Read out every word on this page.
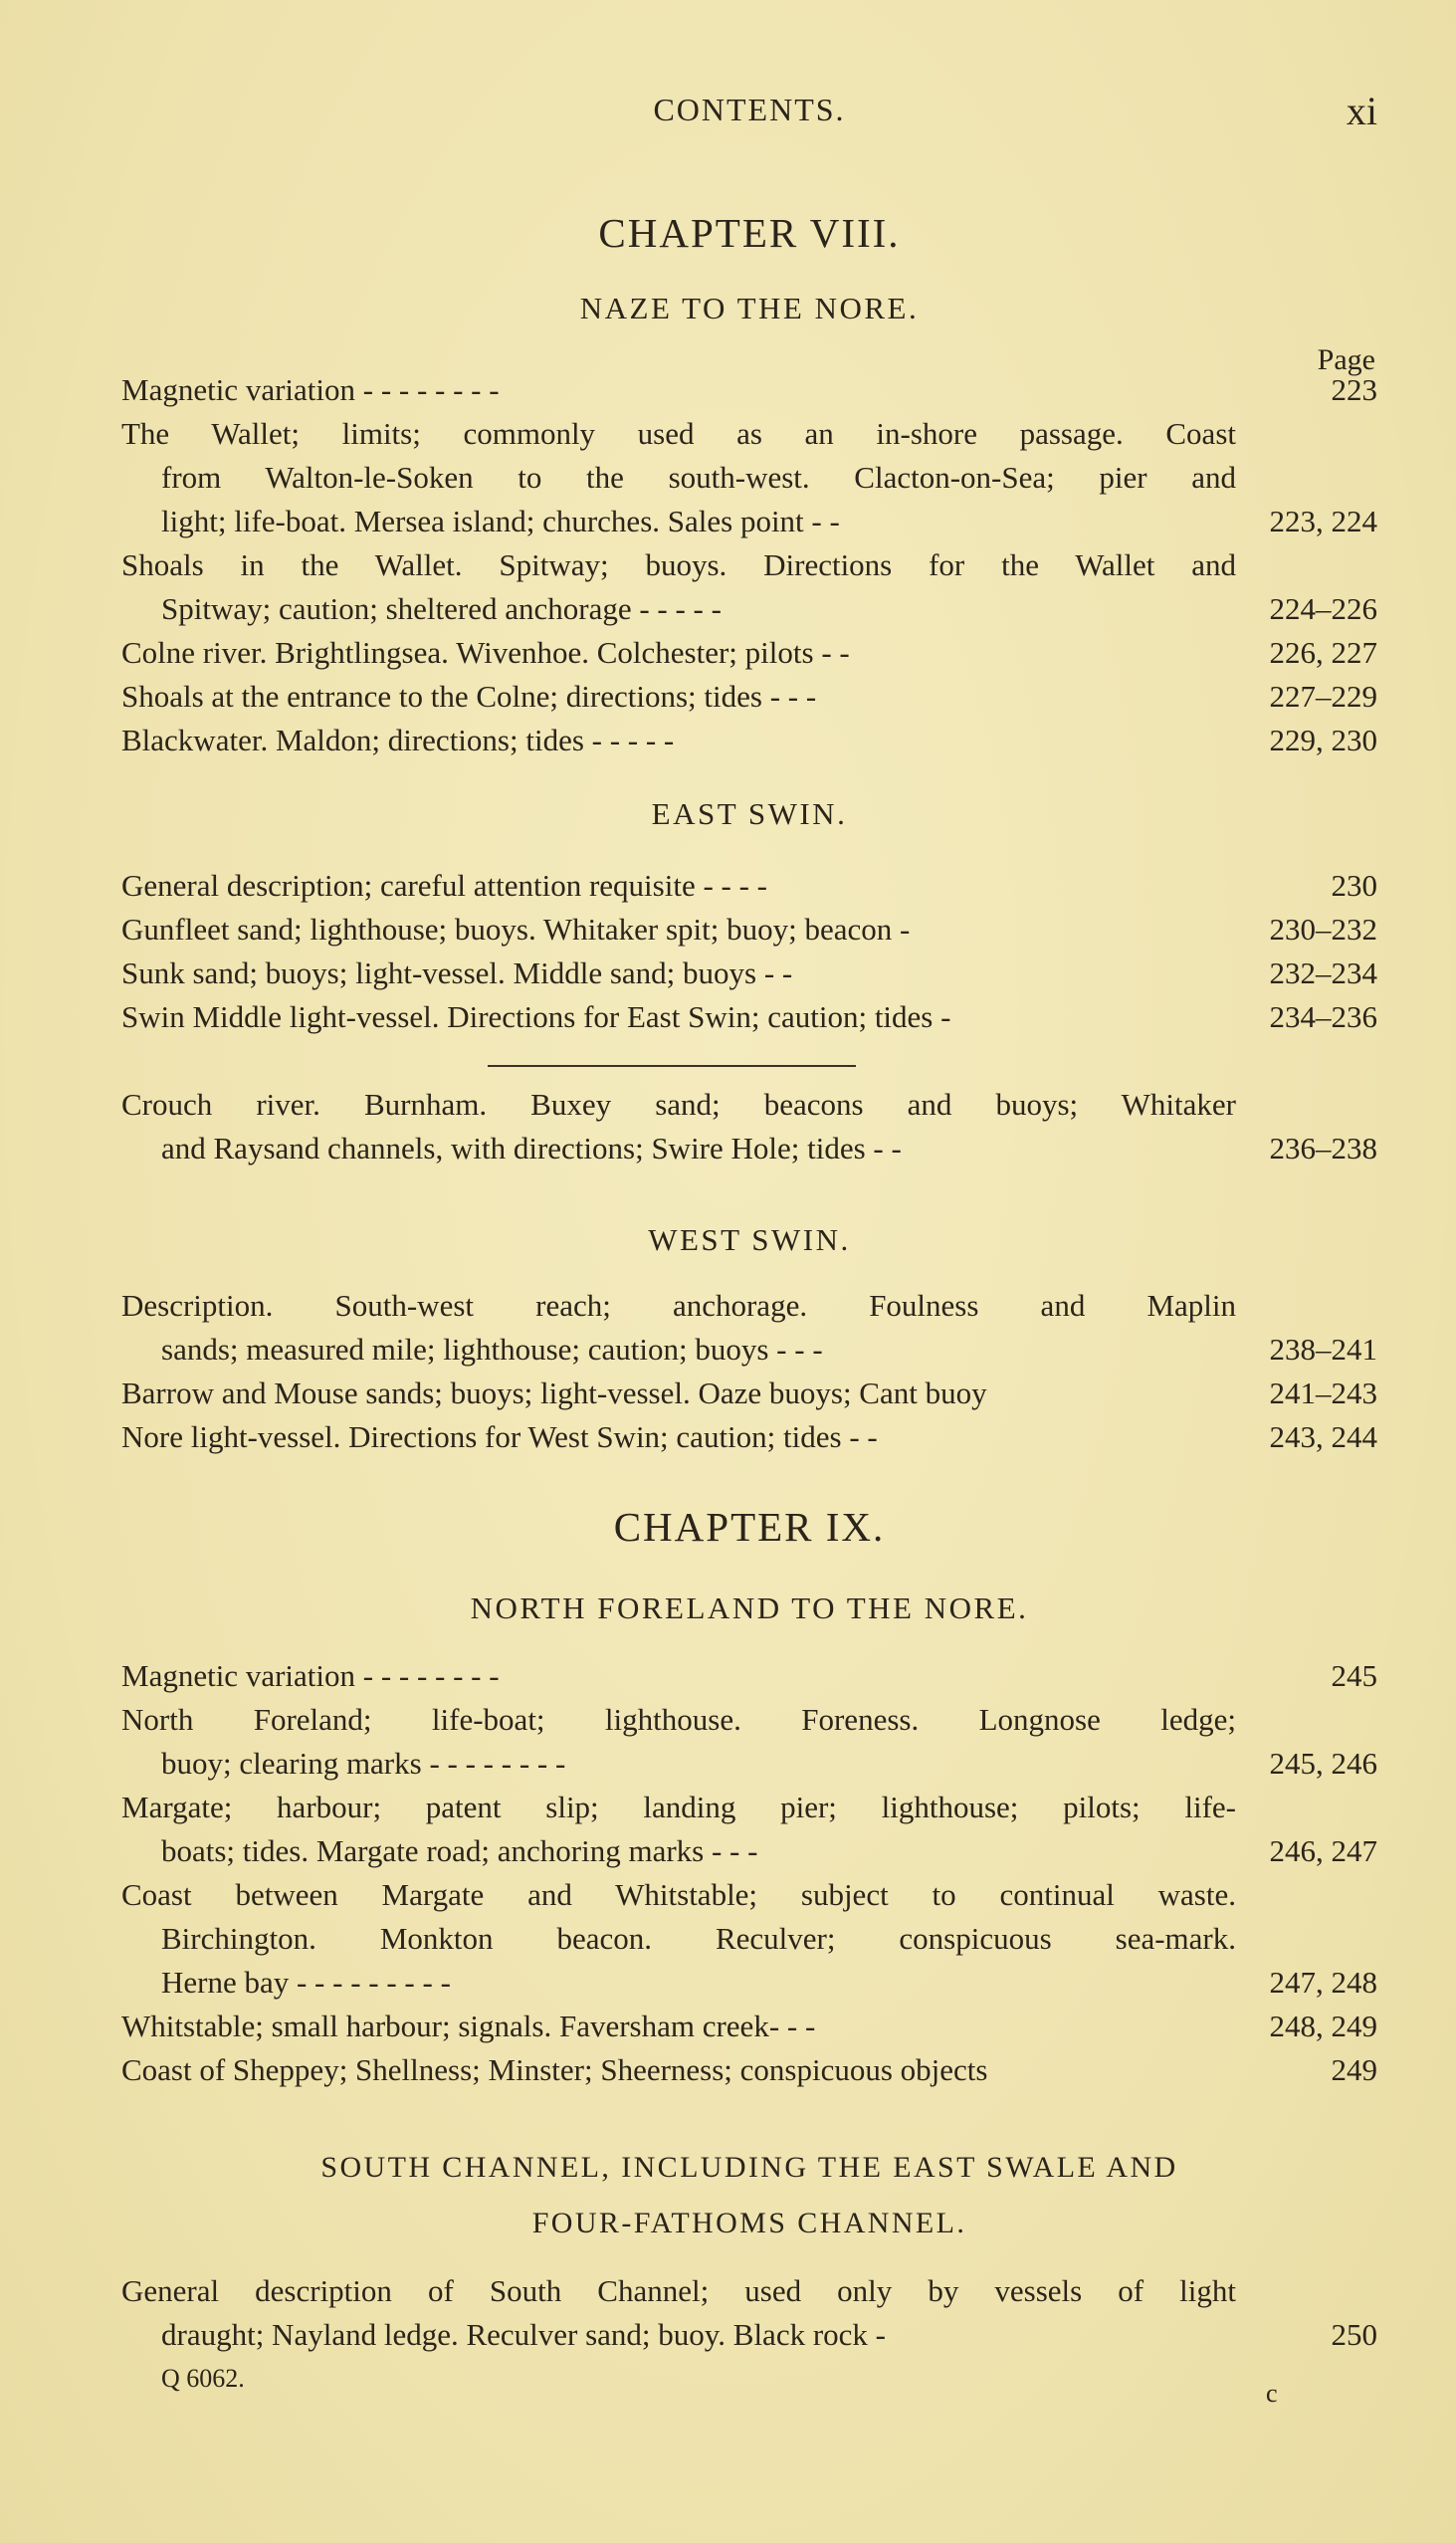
CONTENTS.	xi
CHAPTER VIII.
NAZE TO THE NORE.
Page
Magnetic variation - - - - - - - -	223
The Wallet; limits; commonly used as an in-shore passage. Coast
from Walton-le-Soken to the south-west. Clacton-on-Sea; pier and
light; life-boat. Mersea island; churches. Sales point - -	223, 224
Shoals in the Wallet. Spitway; buoys. Directions for the Wallet and
Spitway; caution; sheltered anchorage - - - - -	224–226
Colne river. Brightlingsea. Wivenhoe. Colchester; pilots - -	226, 227
Shoals at the entrance to the Colne; directions; tides - - -	227–229
Blackwater. Maldon; directions; tides - - - - -	229, 230
EAST SWIN.
General description; careful attention requisite - - - -	230
Gunfleet sand; lighthouse; buoys. Whitaker spit; buoy; beacon -	230–232
Sunk sand; buoys; light-vessel. Middle sand; buoys - -	232–234
Swin Middle light-vessel. Directions for East Swin; caution; tides -	234–236
Crouch river. Burnham. Buxey sand; beacons and buoys; Whitaker
and Raysand channels, with directions; Swire Hole; tides - -	236–238
WEST SWIN.
Description. South-west reach; anchorage. Foulness and Maplin
sands; measured mile; lighthouse; caution; buoys - - -	238–241
Barrow and Mouse sands; buoys; light-vessel. Oaze buoys; Cant buoy	241–243
Nore light-vessel. Directions for West Swin; caution; tides - -	243, 244
CHAPTER IX.
NORTH FORELAND TO THE NORE.
Magnetic variation - - - - - - - -	245
North Foreland; life-boat; lighthouse. Foreness. Longnose ledge;
buoy; clearing marks - - - - - - - -	245, 246
Margate; harbour; patent slip; landing pier; lighthouse; pilots; life-
boats; tides. Margate road; anchoring marks - - -	246, 247
Coast between Margate and Whitstable; subject to continual waste.
Birchington. Monkton beacon. Reculver; conspicuous sea-mark.
Herne bay - - - - - - - - -	247, 248
Whitstable; small harbour; signals. Faversham creek- - -	248, 249
Coast of Sheppey; Shellness; Minster; Sheerness; conspicuous objects	249
SOUTH CHANNEL, INCLUDING THE EAST SWALE AND
FOUR-FATHOMS CHANNEL.
General description of South Channel; used only by vessels of light
draught; Nayland ledge. Reculver sand; buoy. Black rock -	250
Q 6062.
c
